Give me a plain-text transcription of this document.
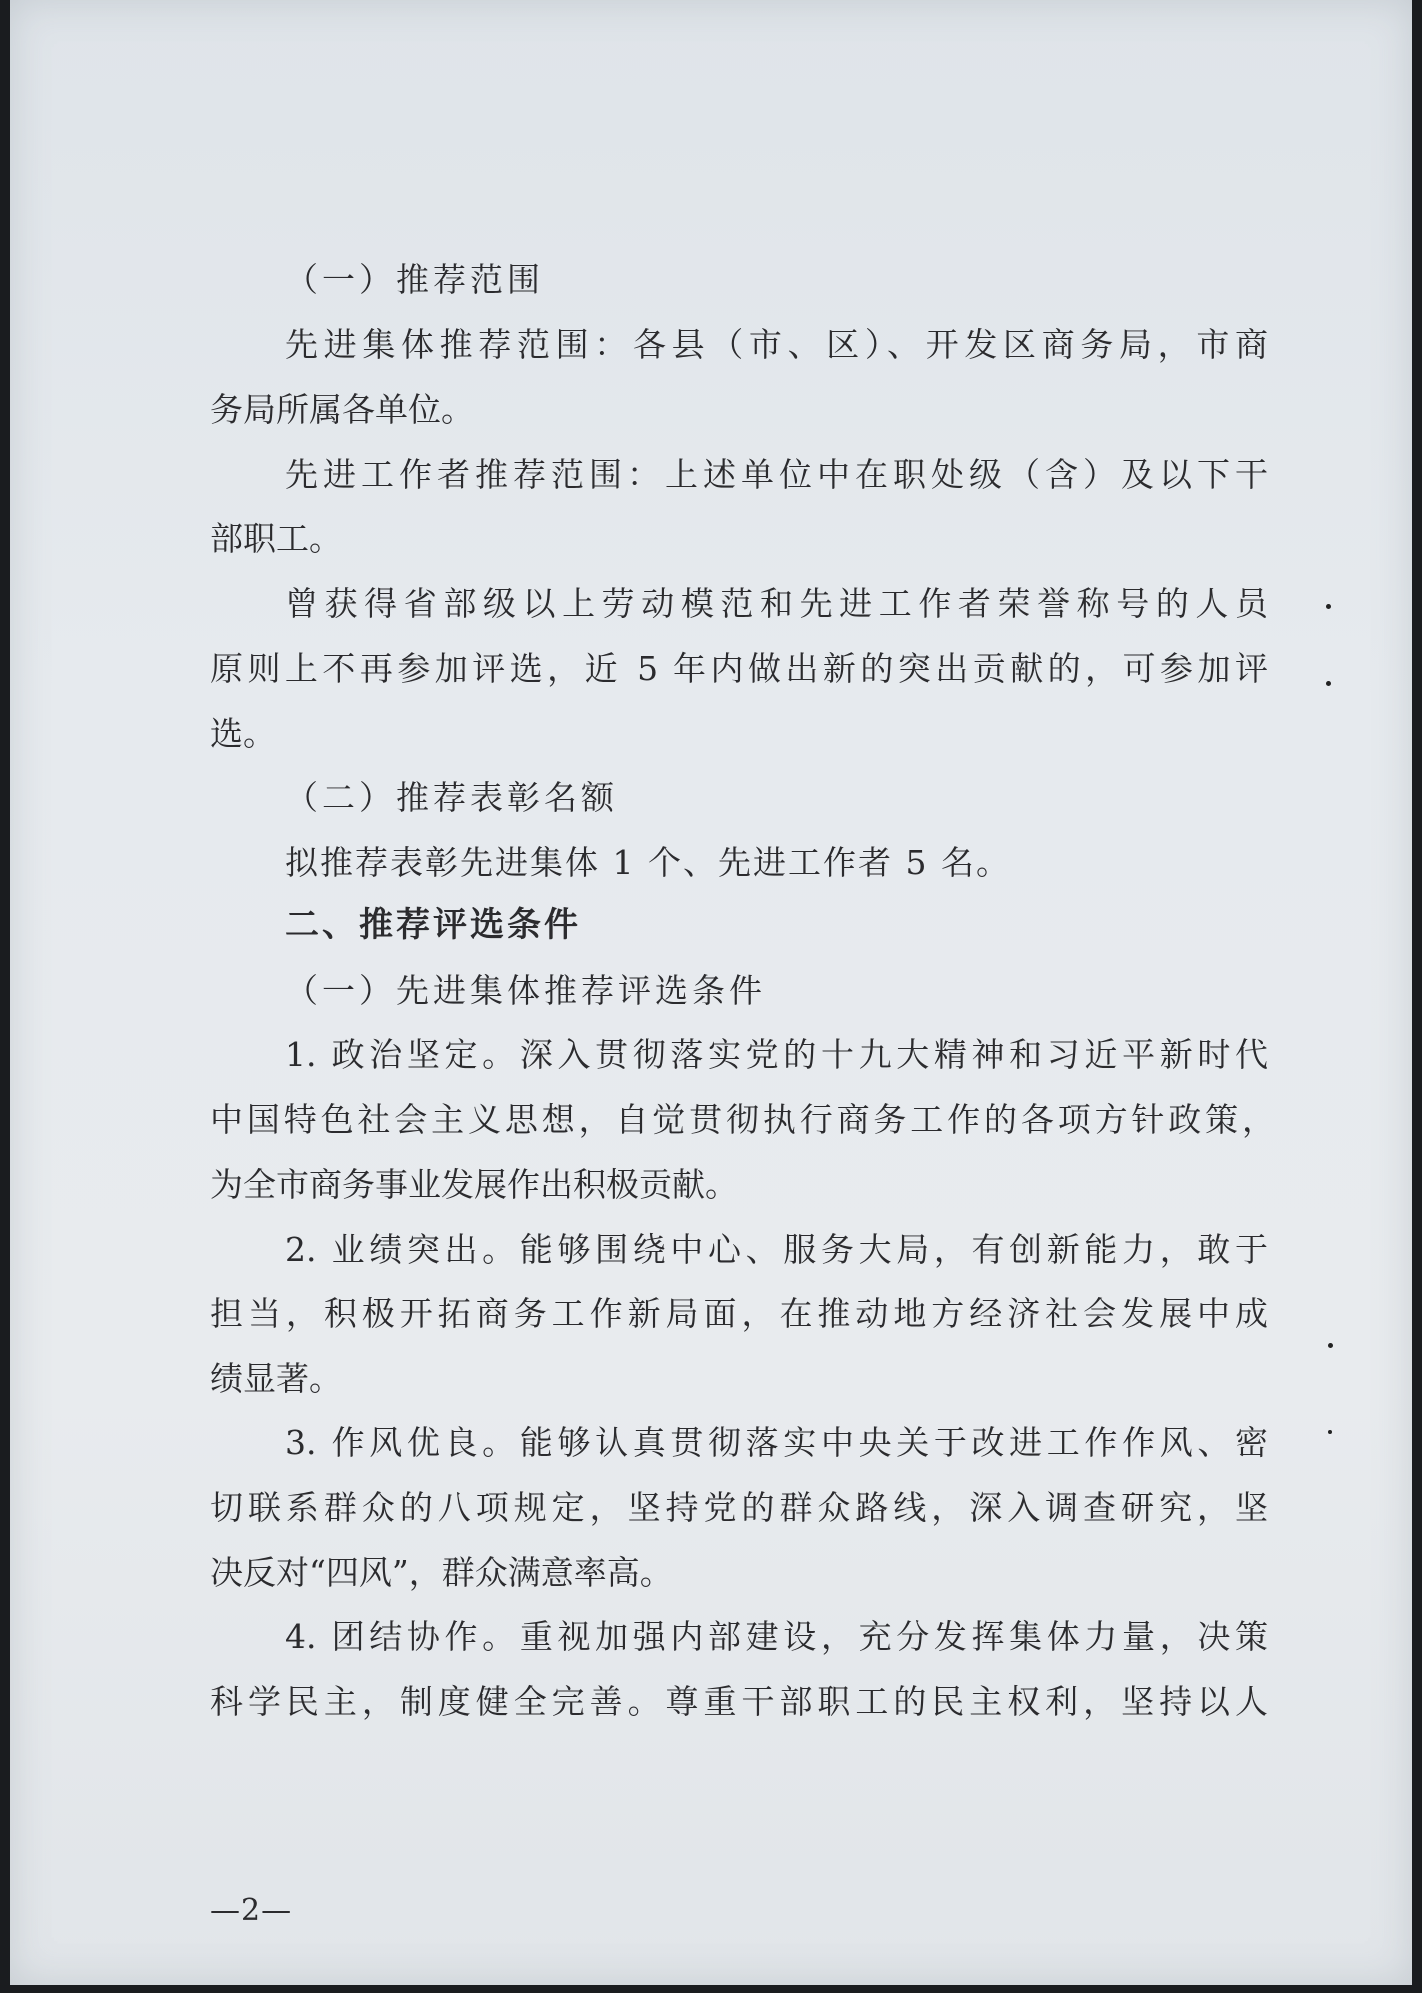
（一）推荐范围
先进集体推荐范围：各县（市、区）、开发区商务局，市商
务局所属各单位。
先进工作者推荐范围：上述单位中在职处级（含）及以下干
部职工。
曾获得省部级以上劳动模范和先进工作者荣誉称号的人员
原则上不再参加评选，近 5 年内做出新的突出贡献的，可参加评
选。
（二）推荐表彰名额
拟推荐表彰先进集体 1 个、先进工作者 5 名。
二、推荐评选条件
（一）先进集体推荐评选条件
1. 政治坚定。深入贯彻落实党的十九大精神和习近平新时代
中国特色社会主义思想，自觉贯彻执行商务工作的各项方针政策，
为全市商务事业发展作出积极贡献。
2. 业绩突出。能够围绕中心、服务大局，有创新能力，敢于
担当，积极开拓商务工作新局面，在推动地方经济社会发展中成
绩显著。
3. 作风优良。能够认真贯彻落实中央关于改进工作作风、密
切联系群众的八项规定，坚持党的群众路线，深入调查研究，坚
决反对“四风”，群众满意率高。
4. 团结协作。重视加强内部建设，充分发挥集体力量，决策
科学民主，制度健全完善。尊重干部职工的民主权利，坚持以人
—2—
